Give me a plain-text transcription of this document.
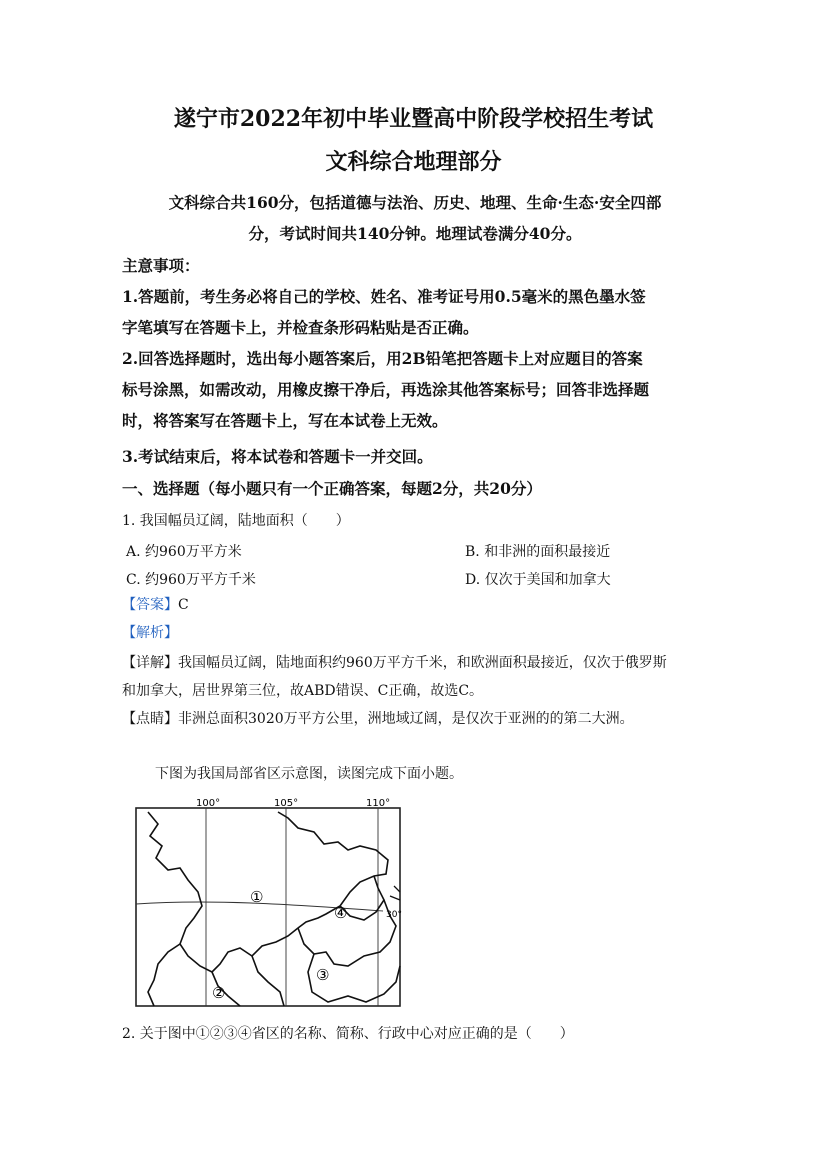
遂宁市2022年初中毕业暨高中阶段学校招生考试
文科综合地理部分
文科综合共160分，包括道德与法治、历史、地理、生命·生态·安全四部
分，考试时间共140分钟。地理试卷满分40分。
主意事项：
1.答题前，考生务必将自己的学校、姓名、准考证号用0.5毫米的黑色墨水签
字笔填写在答题卡上，并检查条形码粘贴是否正确。
2.回答选择题时，选出每小题答案后，用2B铅笔把答题卡上对应题目的答案
标号涂黑，如需改动，用橡皮擦干净后，再选涂其他答案标号；回答非选择题
时，将答案写在答题卡上，写在本试卷上无效。
3.考试结束后，将本试卷和答题卡一并交回。
一、选择题（每小题只有一个正确答案，每题2分，共20分）
1. 我国幅员辽阔，陆地面积（　　）
A. 约960万平方米	B. 和非洲的面积最接近
C. 约960万平方千米	D. 仅次于美国和加拿大
【答案】C
【解析】
【详解】我国幅员辽阔，陆地面积约960万平方千米，和欧洲面积最接近，仅次于俄罗斯
和加拿大，居世界第三位，故ABD错误、C正确，故选C。
【点睛】非洲总面积3020万平方公里，洲地域辽阔，是仅次于亚洲的的第二大洲。
下图为我国局部省区示意图，读图完成下面小题。
①
②
③
④
100°	105°	110°
30°
2. 关于图中①②③④省区的名称、简称、行政中心对应正确的是（　　）
